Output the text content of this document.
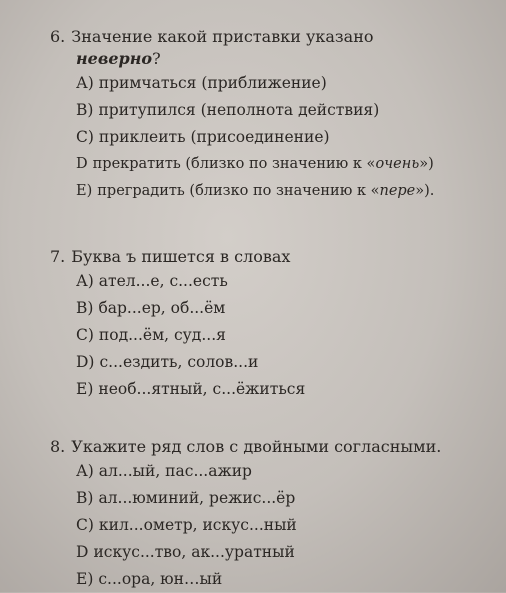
6. Значение какой приставки указано
неверно?
А) примчаться (приближение)
В) притупился (неполнота действия)
С) приклеить (присоединение)
D прекратить (близко по значению к «очень»)
Е) преградить (близко по значению к «пере»).
7. Буква ъ пишется в словах
А) ател...е, с...есть
В) бар...ер, об...ём
С) под...ём, суд...я
D) с...ездить, солов...и
Е) необ...ятный, с...ёжиться
8. Укажите ряд слов с двойными согласными.
А) ал...ый, пас...ажир
В) ал...юминий, режис...ёр
С) кил...ометр, искус...ный
D искус...тво, ак...уратный
Е) с...ора, юн…ый
